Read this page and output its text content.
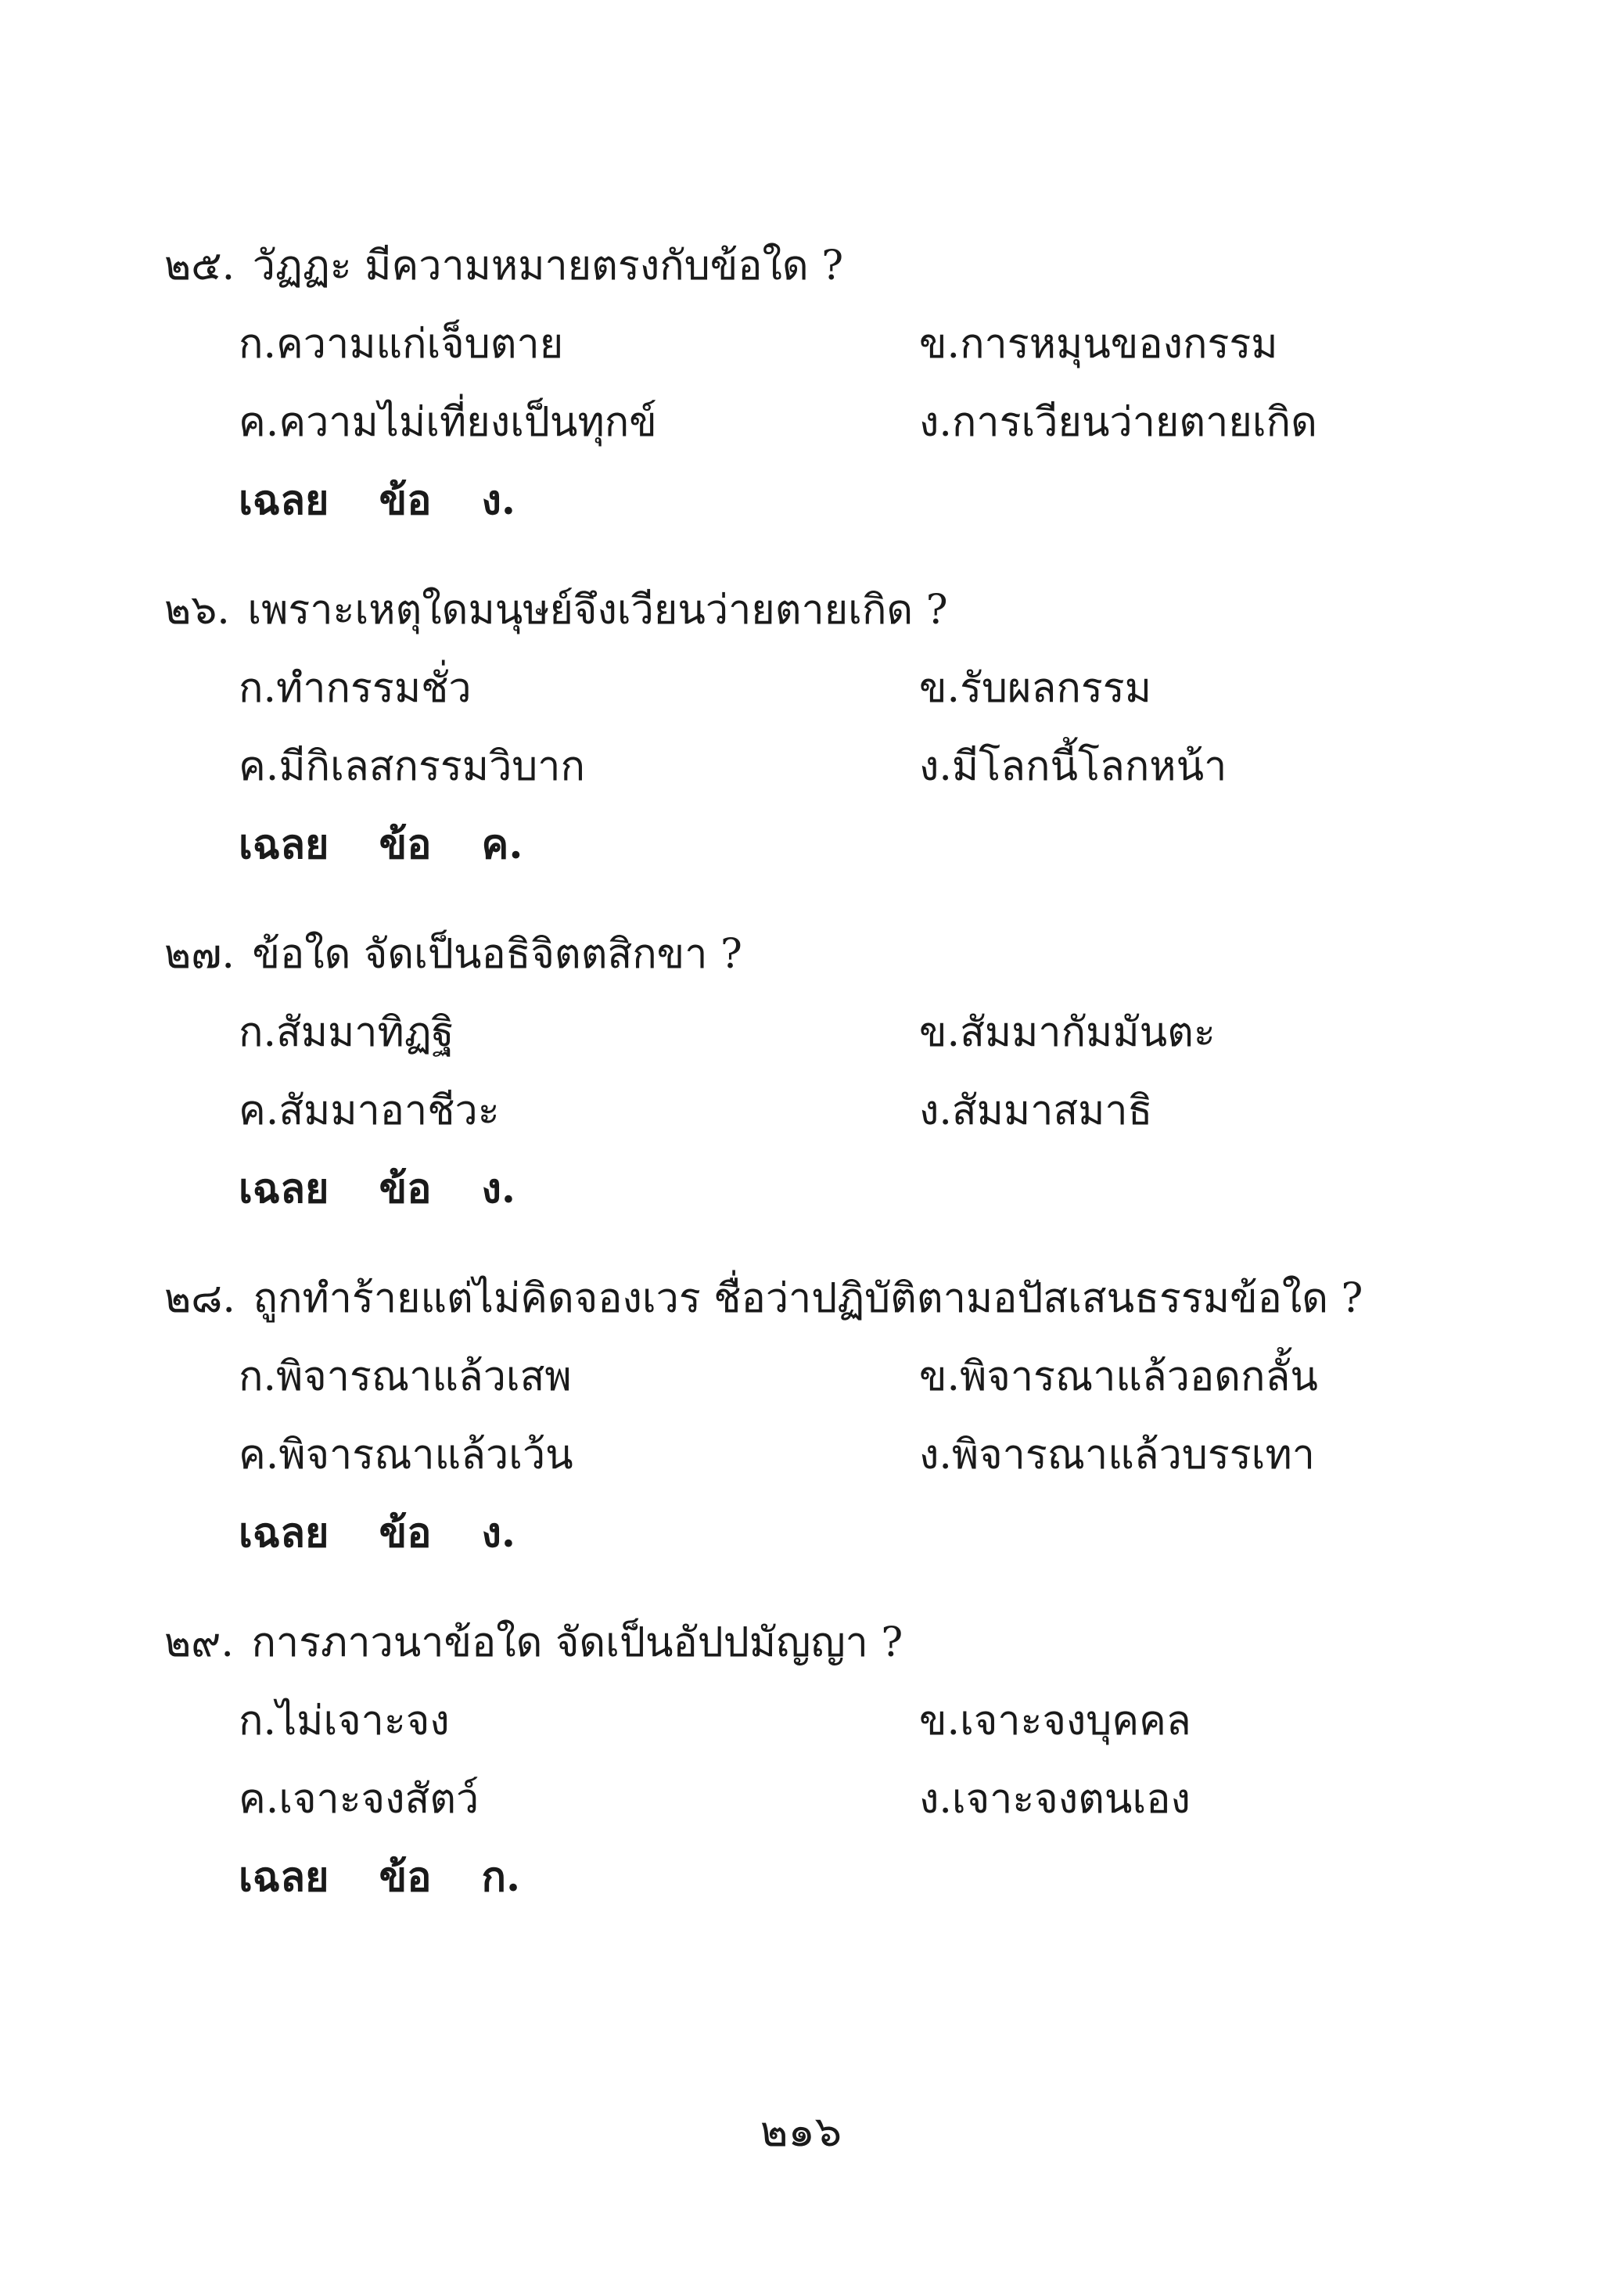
๒๕. วัฏฏะ มีความหมายตรงกับข้อใด ?
ก.ความแก่เจ็บตาย	ข.การหมุนของกรรม
ค.ความไม่เที่ยงเป็นทุกข์	ง.การเวียนว่ายตายเกิด
เฉลย ข้อ ง.
๒๖. เพราะเหตุใดมนุษย์จึงเวียนว่ายตายเกิด ?
ก.ทำกรรมชั่ว	ข.รับผลกรรม
ค.มีกิเลสกรรมวิบาก	ง.มีโลกนี้โลกหน้า
เฉลย ข้อ ค.
๒๗. ข้อใด จัดเป็นอธิจิตตสิกขา ?
ก.สัมมาทิฏฐิ	ข.สัมมากัมมันตะ
ค.สัมมาอาชีวะ	ง.สัมมาสมาธิ
เฉลย ข้อ ง.
๒๘. ถูกทำร้ายแต่ไม่คิดจองเวร ชื่อว่าปฏิบัติตามอปัสเสนธรรมข้อใด ?
ก.พิจารณาแล้วเสพ	ข.พิจารณาแล้วอดกลั้น
ค.พิจารณาแล้วเว้น	ง.พิจารณาแล้วบรรเทา
เฉลย ข้อ ง.
๒๙. การภาวนาข้อใด จัดเป็นอัปปมัญญา ?
ก.ไม่เจาะจง	ข.เจาะจงบุคคล
ค.เจาะจงสัตว์	ง.เจาะจงตนเอง
เฉลย ข้อ ก.
๒๑๖
